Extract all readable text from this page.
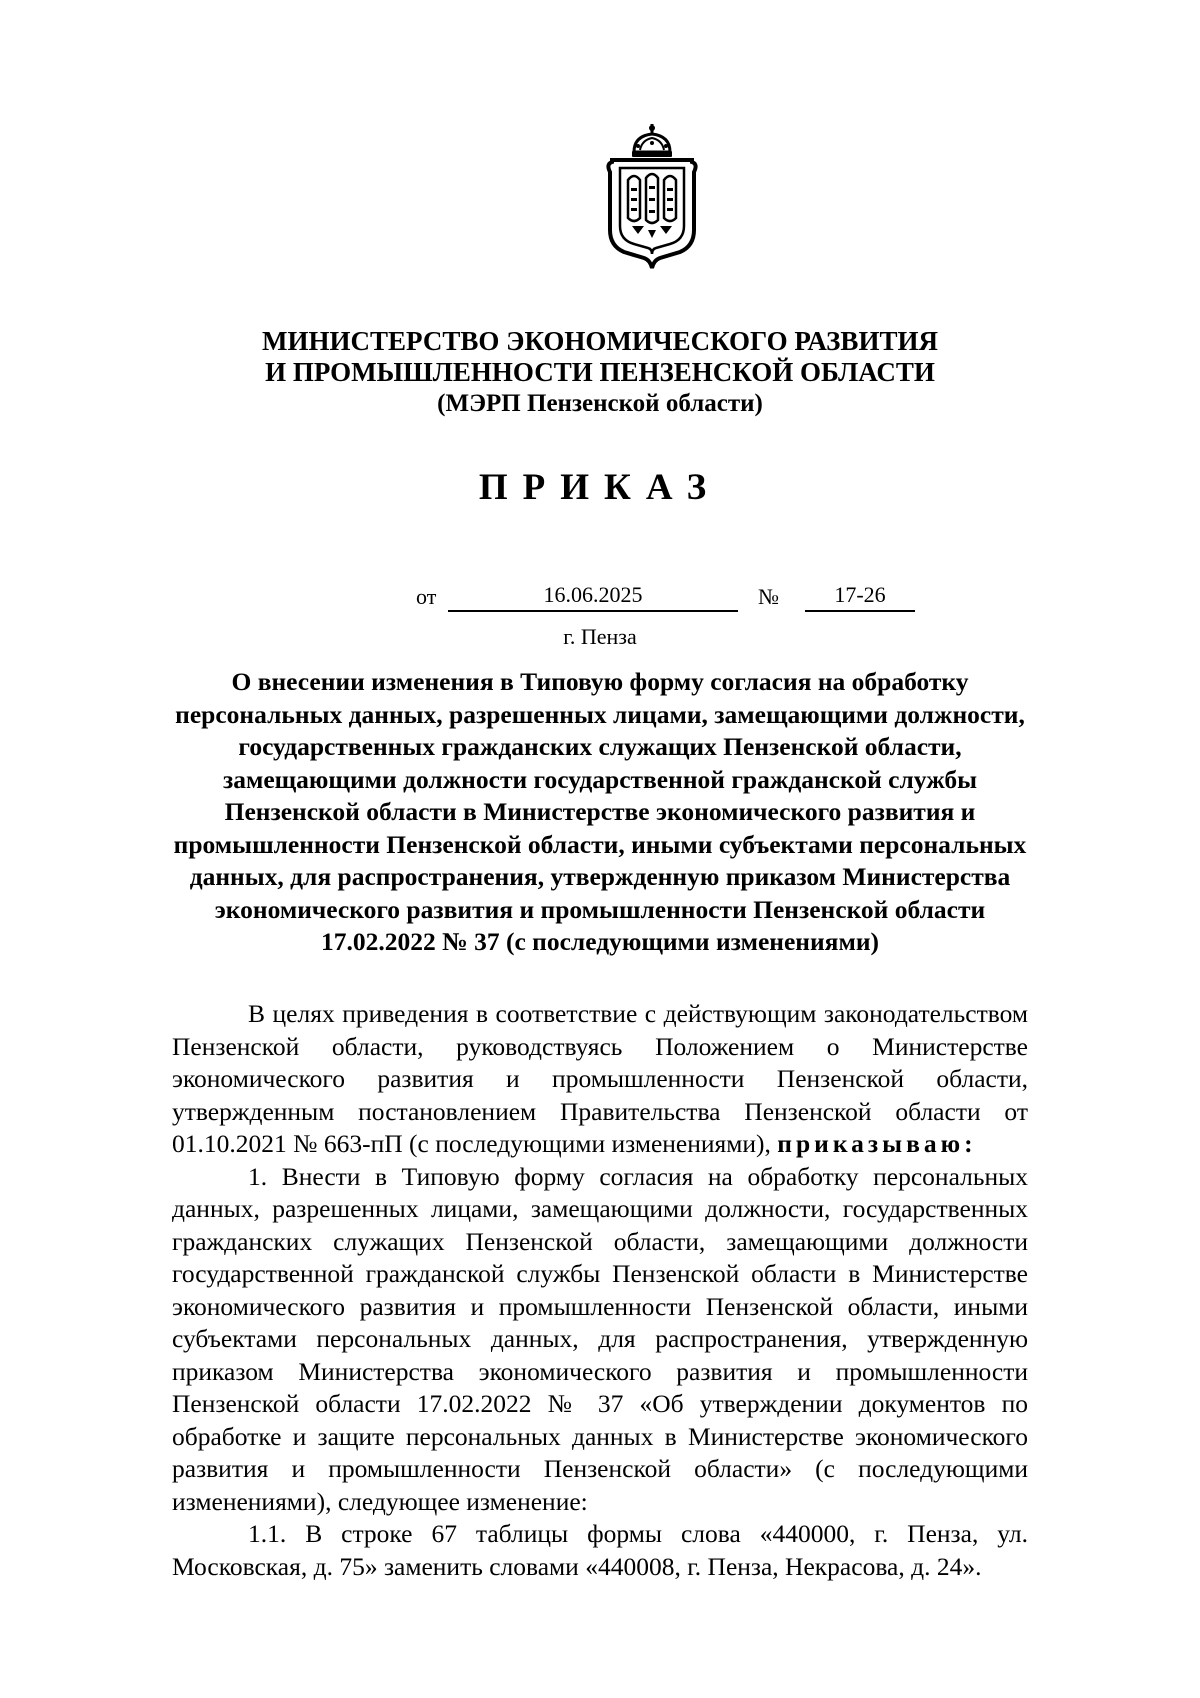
МИНИСТЕРСТВО ЭКОНОМИЧЕСКОГО РАЗВИТИЯ
И ПРОМЫШЛЕННОСТИ ПЕНЗЕНСКОЙ ОБЛАСТИ
(МЭРП Пензенской области)
ПРИКАЗ
от	16.06.2025	№	17-26
г. Пенза
О внесении изменения в Типовую форму согласия на обработку персональных данных, разрешенных лицами, замещающими должности, государственных гражданских служащих Пензенской области, замещающими должности государственной гражданской службы Пензенской области в Министерстве экономического развития и промышленности Пензенской области, иными субъектами персональных данных, для распространения, утвержденную приказом Министерства экономического развития и промышленности Пензенской области 17.02.2022 № 37 (с последующими изменениями)

В целях приведения в соответствие с действующим законодательством Пензенской области, руководствуясь Положением о Министерстве экономического развития и промышленности Пензенской области, утвержденным постановлением Правительства Пензенской области от 01.10.2021 № 663-пП (с последующими изменениями), приказываю:

1. Внести в Типовую форму согласия на обработку персональных данных, разрешенных лицами, замещающими должности, государственных гражданских служащих Пензенской области, замещающими должности государственной гражданской службы Пензенской области в Министерстве экономического развития и промышленности Пензенской области, иными субъектами персональных данных, для распространения, утвержденную приказом Министерства экономического развития и промышленности Пензенской области 17.02.2022 № 37 «Об утверждении документов по обработке и защите персональных данных в Министерстве экономического развития и промышленности Пензенской области» (с последующими изменениями), следующее изменение:

1.1. В строке 67 таблицы формы слова «440000, г. Пенза, ул. Московская, д. 75» заменить словами «440008, г. Пенза, Некрасова, д. 24».
